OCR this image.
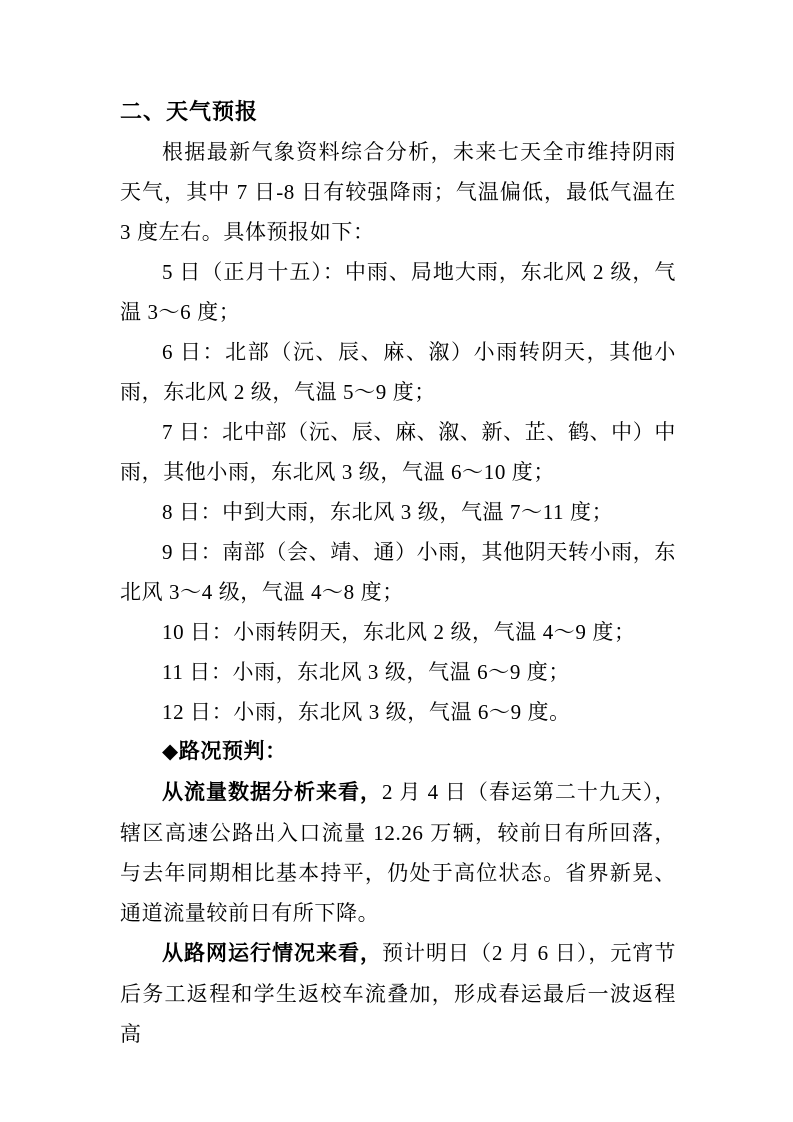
二、天气预报

根据最新气象资料综合分析，未来七天全市维持阴雨天气，其中 7 日-8 日有较强降雨；气温偏低，最低气温在 3 度左右。具体预报如下：

5 日（正月十五）：中雨、局地大雨，东北风 2 级，气温 3～6 度；

6 日：北部（沅、辰、麻、溆）小雨转阴天，其他小雨，东北风 2 级，气温 5～9 度；

7 日：北中部（沅、辰、麻、溆、新、芷、鹤、中）中雨，其他小雨，东北风 3 级，气温 6～10 度；

8 日：中到大雨，东北风 3 级，气温 7～11 度；

9 日：南部（会、靖、通）小雨，其他阴天转小雨，东北风 3～4 级，气温 4～8 度；

10 日：小雨转阴天，东北风 2 级，气温 4～9 度；

11 日：小雨，东北风 3 级，气温 6～9 度；

12 日：小雨，东北风 3 级，气温 6～9 度。

◆路况预判：

从流量数据分析来看，2 月 4 日（春运第二十九天），辖区高速公路出入口流量 12.26 万辆，较前日有所回落，与去年同期相比基本持平，仍处于高位状态。省界新晃、通道流量较前日有所下降。

从路网运行情况来看，预计明日（2 月 6 日），元宵节后务工返程和学生返校车流叠加，形成春运最后一波返程高
